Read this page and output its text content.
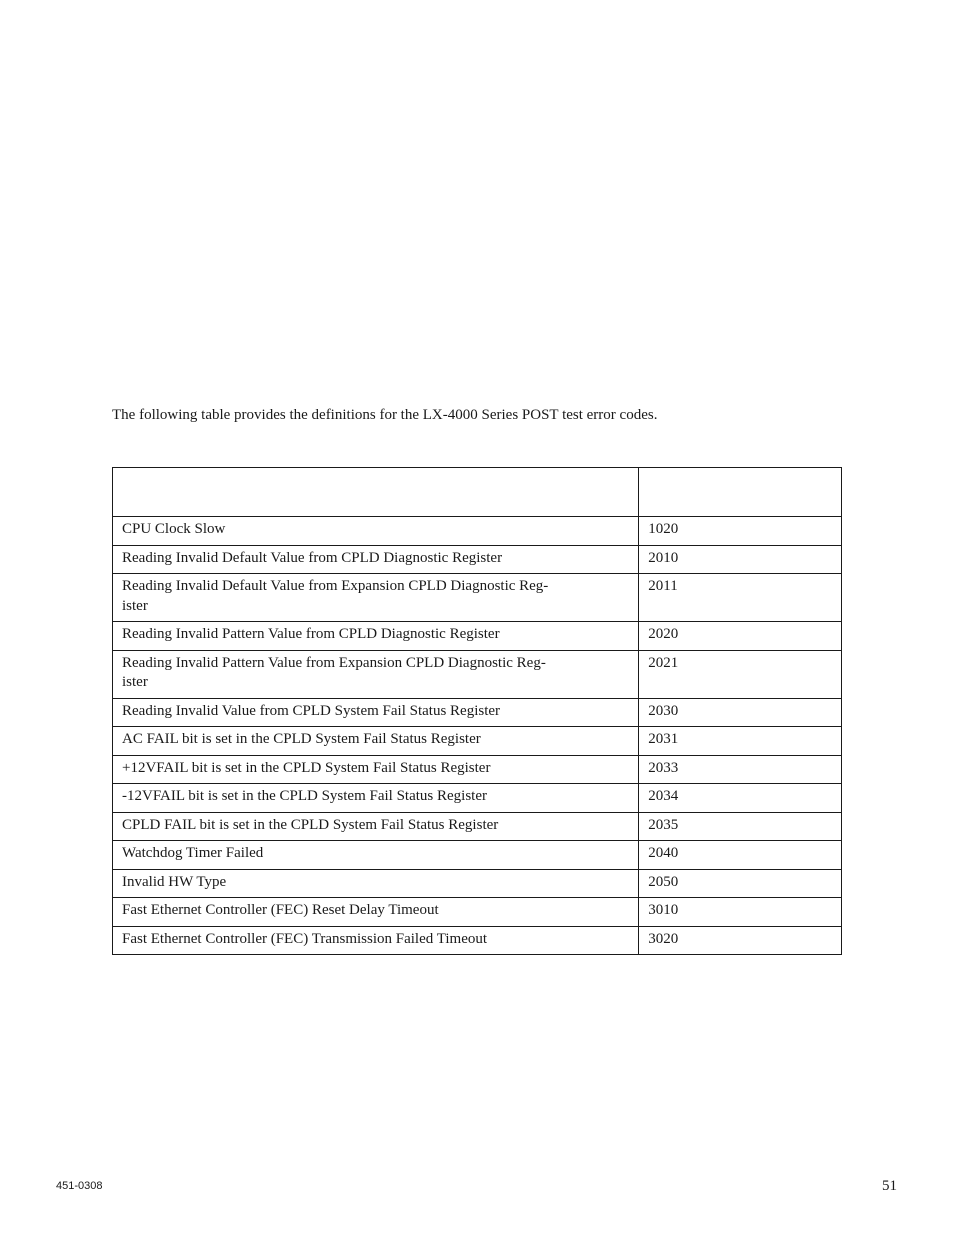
The following table provides the definitions for the LX-4000 Series POST test error codes.

CPU Clock Slow	1020
Reading Invalid Default Value from CPLD Diagnostic Register	2010
Reading Invalid Default Value from Expansion CPLD Diagnostic Reg-
ister	2011
Reading Invalid Pattern Value from CPLD Diagnostic Register	2020
Reading Invalid Pattern Value from Expansion CPLD Diagnostic Reg-
ister	2021
Reading Invalid Value from CPLD System Fail Status Register	2030
AC FAIL bit is set in the CPLD System Fail Status Register	2031
+12VFAIL bit is set in the CPLD System Fail Status Register	2033
-12VFAIL bit is set in the CPLD System Fail Status Register	2034
CPLD FAIL bit is set in the CPLD System Fail Status Register	2035
Watchdog Timer Failed	2040
Invalid HW Type	2050
Fast Ethernet Controller (FEC) Reset Delay Timeout	3010
Fast Ethernet Controller (FEC) Transmission Failed Timeout	3020
451-0308	51
